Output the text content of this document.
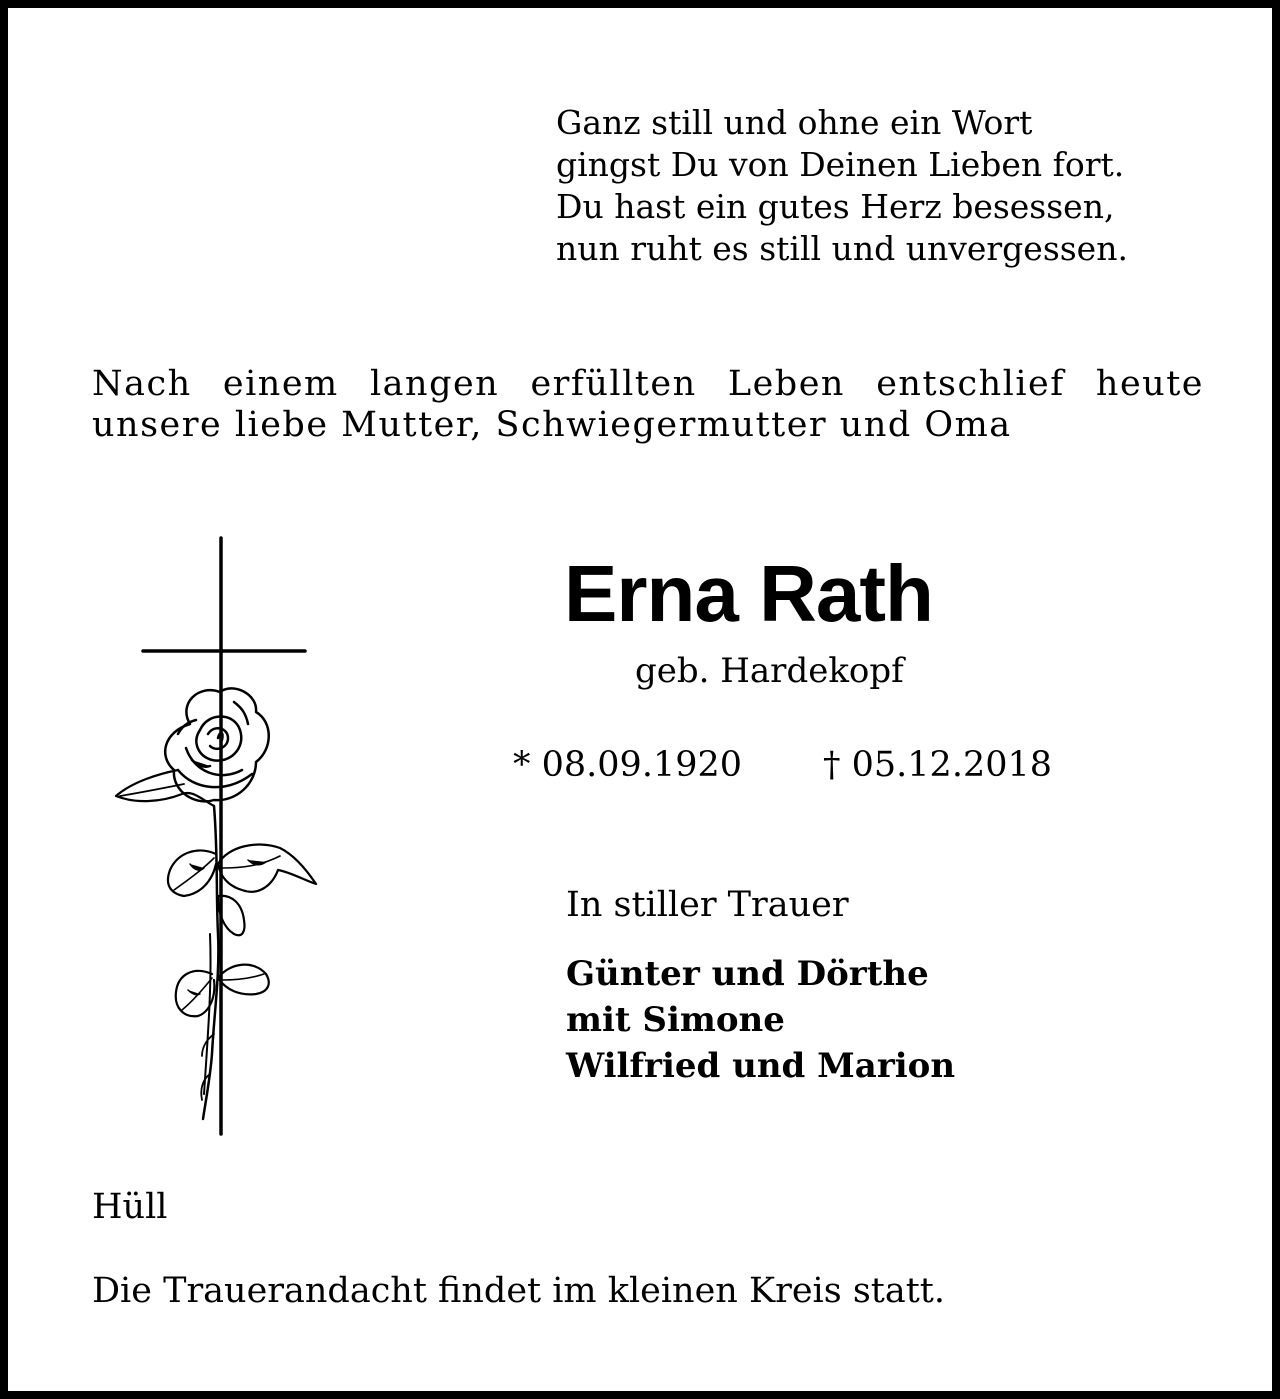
Ganz still und ohne ein Wort
gingst Du von Deinen Lieben fort.
Du hast ein gutes Herz besessen,
nun ruht es still und unvergessen.
Nach einem langen erfüllten Leben entschlief heute
unsere liebe Mutter, Schwiegermutter und Oma
Erna Rath
geb. Hardekopf
* 08.09.1920 † 05.12.2018
In stiller Trauer
Günter und Dörthe
mit Simone
Wilfried und Marion
Hüll
Die Trauerandacht findet im kleinen Kreis statt.
